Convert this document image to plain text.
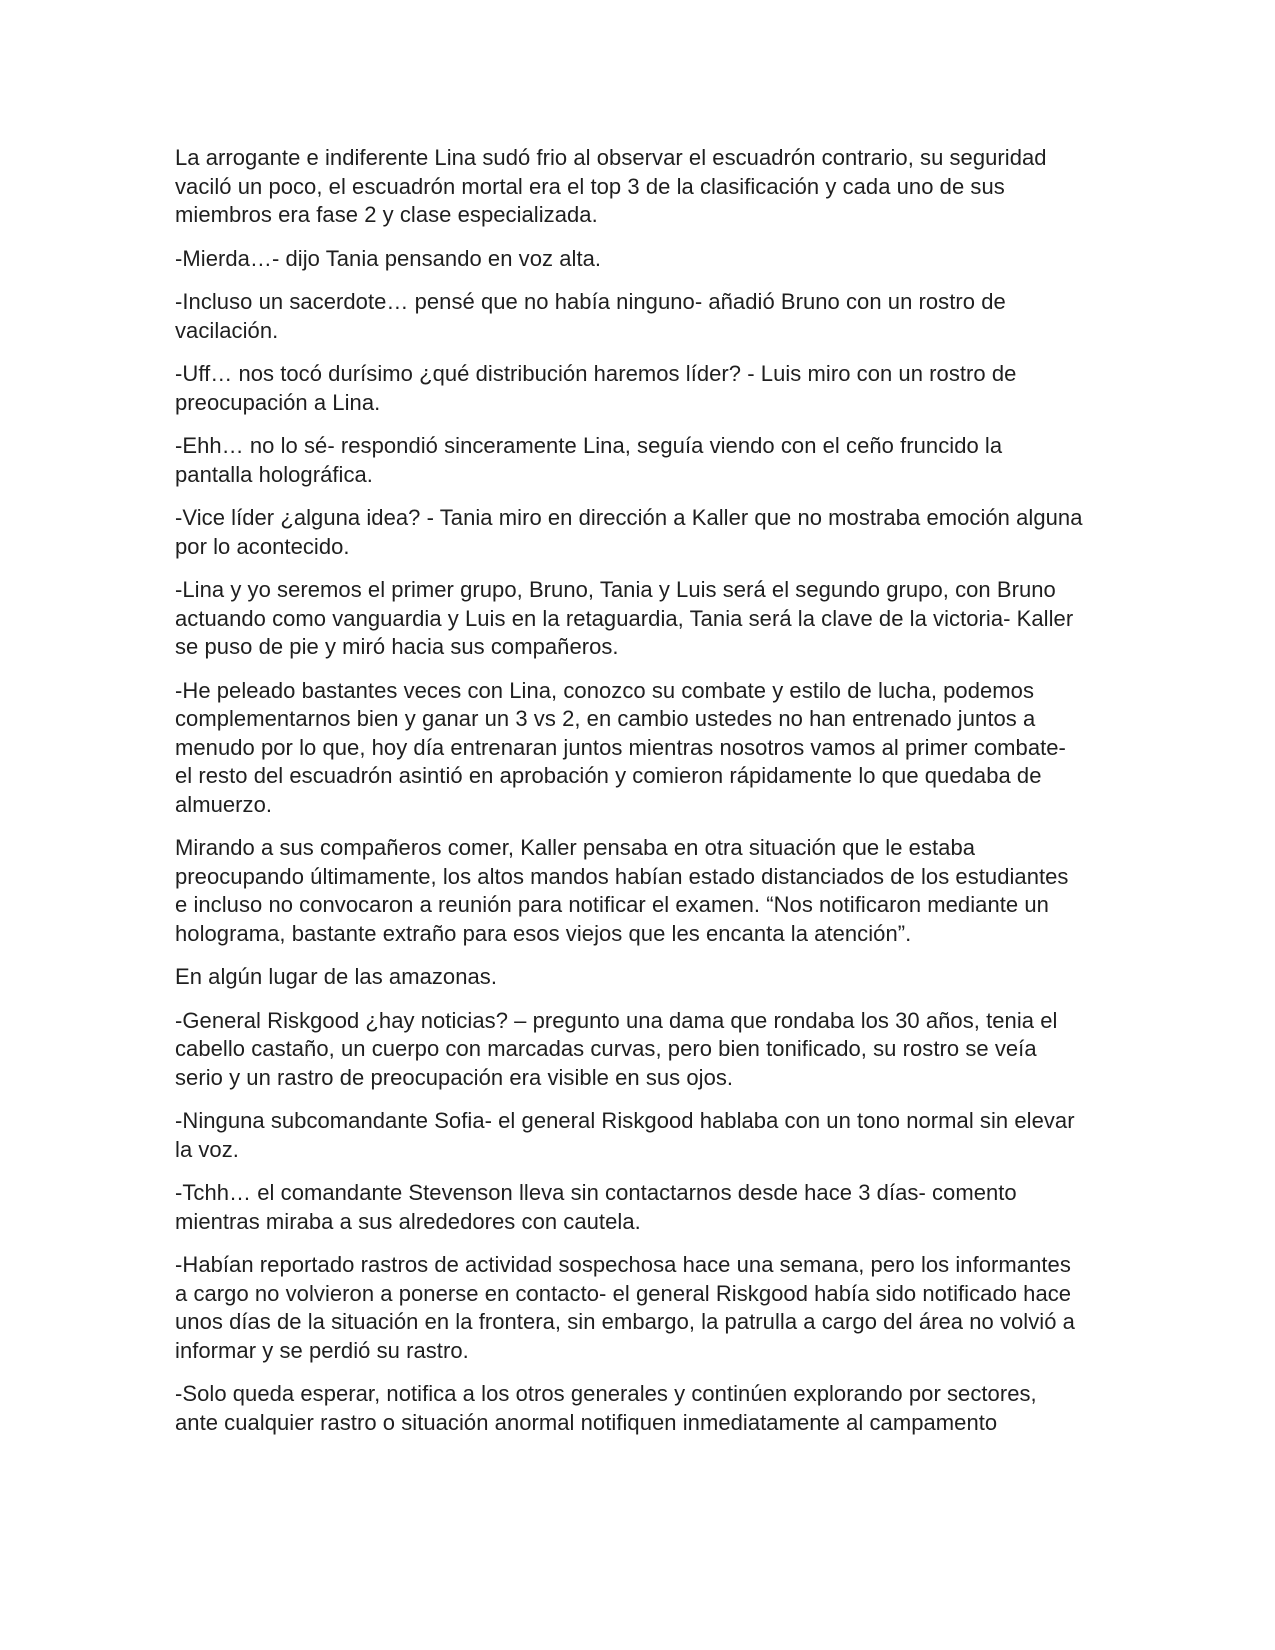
La arrogante e indiferente Lina sudó frio al observar el escuadrón contrario, su seguridad vaciló un poco, el escuadrón mortal era el top 3 de la clasificación y cada uno de sus miembros era fase 2 y clase especializada.

-Mierda…- dijo Tania pensando en voz alta.

-Incluso un sacerdote… pensé que no había ninguno- añadió Bruno con un rostro de vacilación.

-Uff… nos tocó durísimo ¿qué distribución haremos líder? - Luis miro con un rostro de preocupación a Lina.

-Ehh… no lo sé- respondió sinceramente Lina, seguía viendo con el ceño fruncido la pantalla holográfica.

-Vice líder ¿alguna idea? - Tania miro en dirección a Kaller que no mostraba emoción alguna por lo acontecido.

-Lina y yo seremos el primer grupo, Bruno, Tania y Luis será el segundo grupo, con Bruno actuando como vanguardia y Luis en la retaguardia, Tania será la clave de la victoria- Kaller se puso de pie y miró hacia sus compañeros.

-He peleado bastantes veces con Lina, conozco su combate y estilo de lucha, podemos complementarnos bien y ganar un 3 vs 2, en cambio ustedes no han entrenado juntos a menudo por lo que, hoy día entrenaran juntos mientras nosotros vamos al primer combate- el resto del escuadrón asintió en aprobación y comieron rápidamente lo que quedaba de almuerzo.

Mirando a sus compañeros comer, Kaller pensaba en otra situación que le estaba preocupando últimamente, los altos mandos habían estado distanciados de los estudiantes e incluso no convocaron a reunión para notificar el examen. “Nos notificaron mediante un holograma, bastante extraño para esos viejos que les encanta la atención”.

En algún lugar de las amazonas.

-General Riskgood ¿hay noticias? – pregunto una dama que rondaba los 30 años, tenia el cabello castaño, un cuerpo con marcadas curvas, pero bien tonificado, su rostro se veía serio y un rastro de preocupación era visible en sus ojos.

-Ninguna subcomandante Sofia- el general Riskgood hablaba con un tono normal sin elevar la voz.

-Tchh… el comandante Stevenson lleva sin contactarnos desde hace 3 días- comento mientras miraba a sus alrededores con cautela.

-Habían reportado rastros de actividad sospechosa hace una semana, pero los informantes a cargo no volvieron a ponerse en contacto- el general Riskgood había sido notificado hace unos días de la situación en la frontera, sin embargo, la patrulla a cargo del área no volvió a informar y se perdió su rastro.

-Solo queda esperar, notifica a los otros generales y continúen explorando por sectores, ante cualquier rastro o situación anormal notifiquen inmediatamente al campamento
